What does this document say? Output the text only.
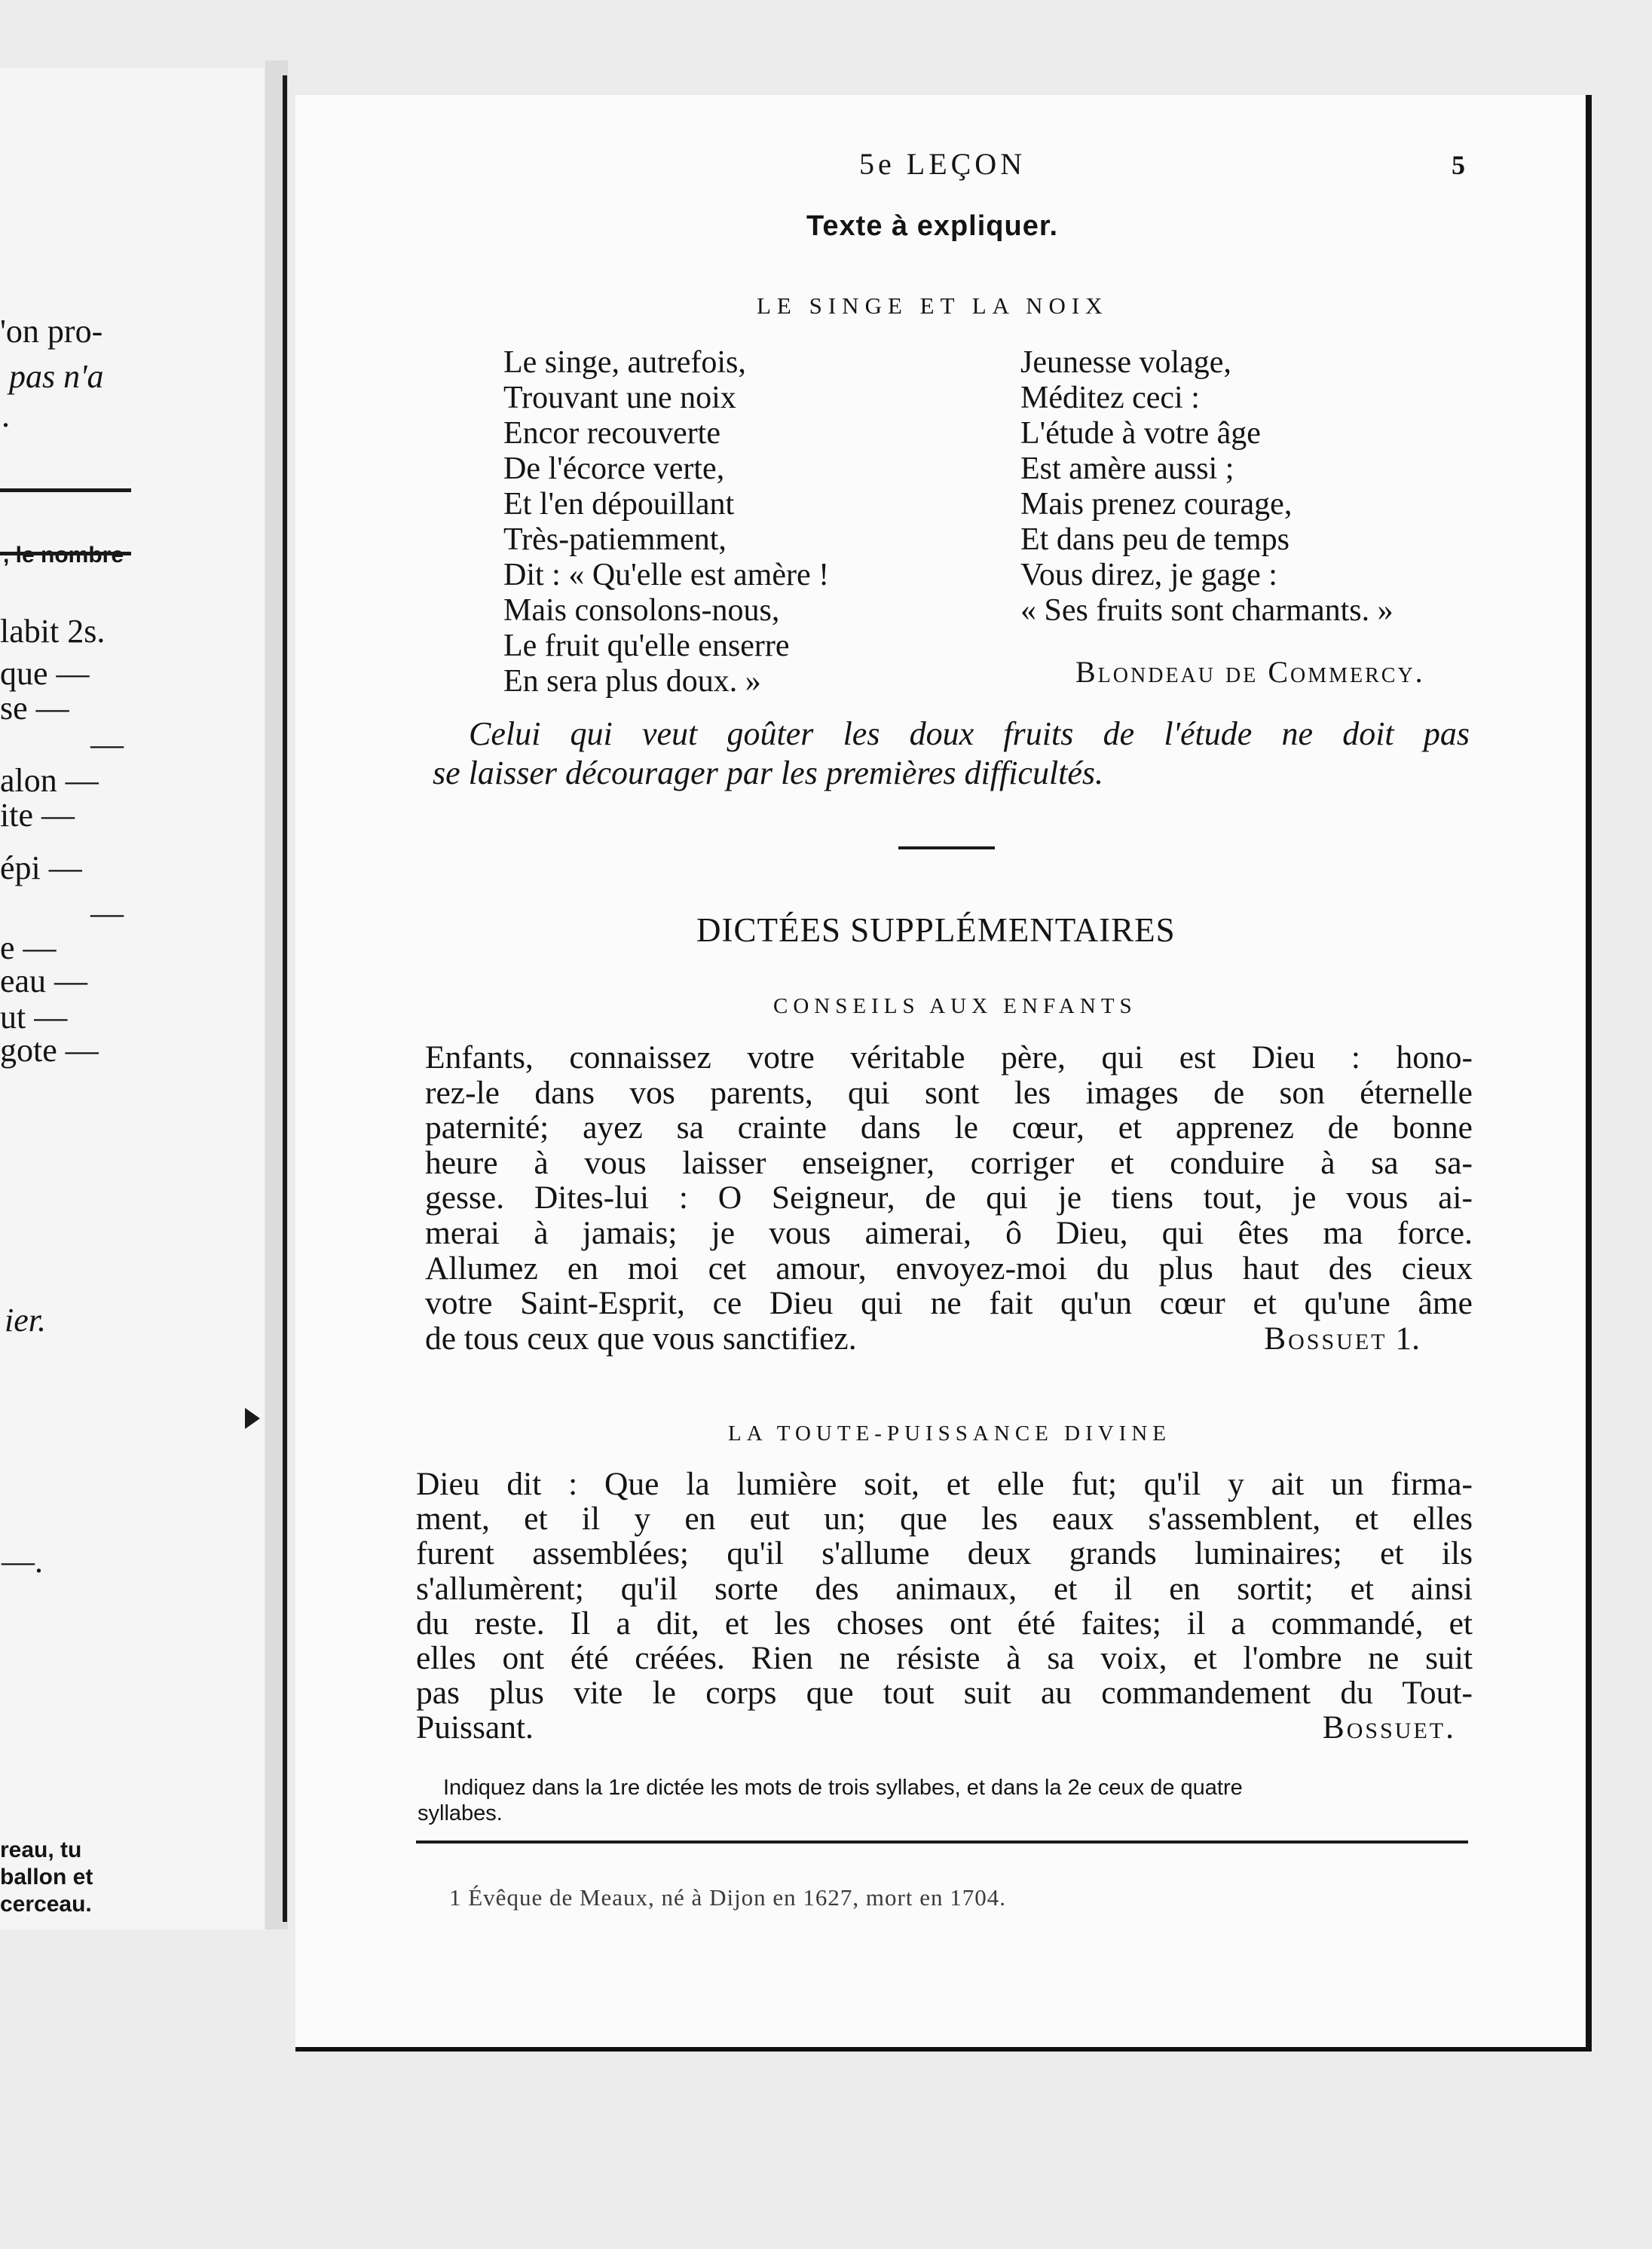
'on pro-
pas n'a
.
labit 2s.
que —
se —
—
alon —
ite —
épi —
—
e —
eau —
ut —
gote —
ier.
—.
reau, tu
ballon et
cerceau.
5e LEÇON	5
Texte à expliquer.
LE SINGE ET LA NOIX
Le singe, autrefois,
Trouvant une noix
Encor recouverte
De l'écorce verte,
Et l'en dépouillant
Très-patiemment,
Dit : « Qu'elle est amère !
Mais consolons-nous,
Le fruit qu'elle enserre
En sera plus doux. »
Jeunesse volage,
Méditez ceci :
L'étude à votre âge
Est amère aussi ;
Mais prenez courage,
Et dans peu de temps
Vous direz, je gage :
« Ses fruits sont charmants. »
Blondeau de Commercy.
Celui qui veut goûter les doux fruits de l'étude ne doit pas
se laisser décourager par les premières difficultés.
DICTÉES SUPPLÉMENTAIRES
CONSEILS AUX ENFANTS
Enfants, connaissez votre véritable père, qui est Dieu : hono-
rez-le dans vos parents, qui sont les images de son éternelle
paternité; ayez sa crainte dans le cœur, et apprenez de bonne
heure à vous laisser enseigner, corriger et conduire à sa sa-
gesse. Dites-lui : O Seigneur, de qui je tiens tout, je vous ai-
merai à jamais; je vous aimerai, ô Dieu, qui êtes ma force.
Allumez en moi cet amour, envoyez-moi du plus haut des cieux
votre Saint-Esprit, ce Dieu qui ne fait qu'un cœur et qu'une âme
de tous ceux que vous sanctifiez.	Bossuet 1.
LA TOUTE-PUISSANCE DIVINE
Dieu dit : Que la lumière soit, et elle fut; qu'il y ait un firma-
ment, et il y en eut un; que les eaux s'assemblent, et elles
furent assemblées; qu'il s'allume deux grands luminaires; et ils
s'allumèrent; qu'il sorte des animaux, et il en sortit; et ainsi
du reste. Il a dit, et les choses ont été faites; il a commandé, et
elles ont été créées. Rien ne résiste à sa voix, et l'ombre ne suit
pas plus vite le corps que tout suit au commandement du Tout-
Puissant.	Bossuet.
Indiquez dans la 1re dictée les mots de trois syllabes, et dans la 2e ceux de quatre
syllabes.
1 Évêque de Meaux, né à Dijon en 1627, mort en 1704.
